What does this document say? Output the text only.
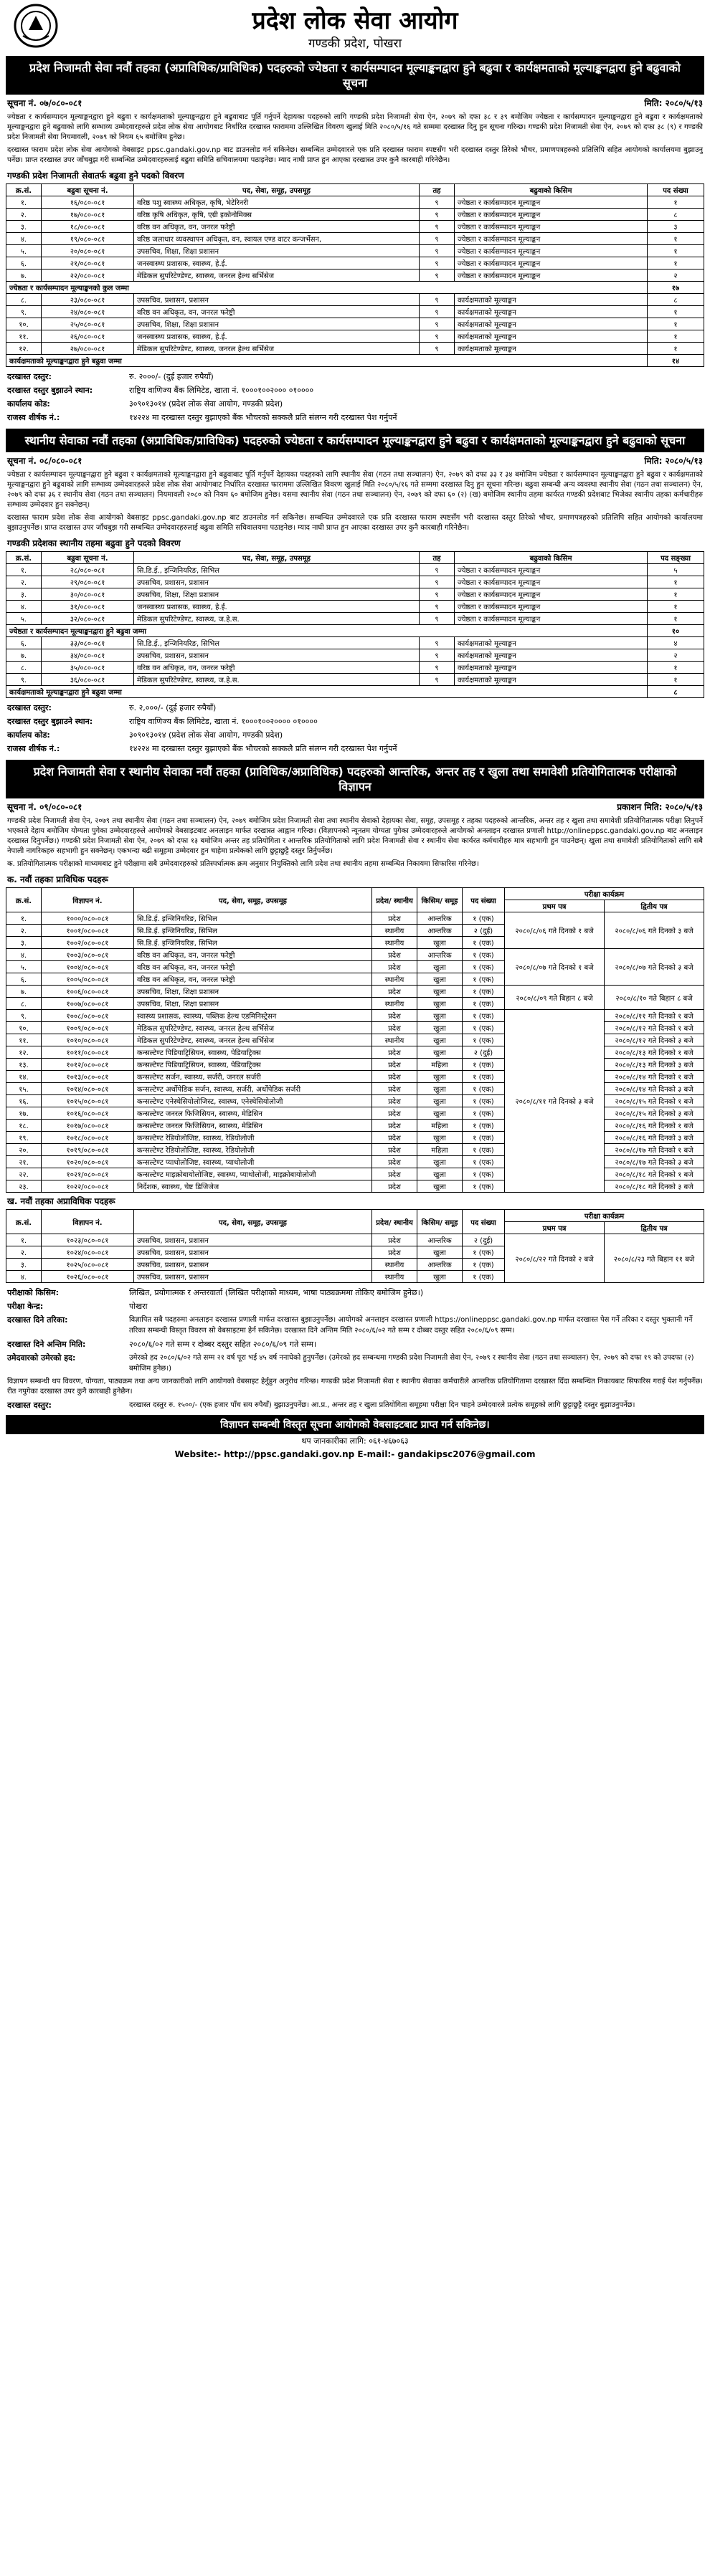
प्रदेश लोक सेवा आयोग
गण्डकी प्रदेश, पोखरा
प्रदेश निजामती सेवा नवौं तहका (अप्राविधिक/प्राविधिक) पदहरुको ज्येष्ठता र कार्यसम्पादन मूल्याङ्कनद्वारा हुने बढुवा र कार्यक्षमताको मूल्याङ्कनद्वारा हुने बढुवाको सूचना
सूचना नं. ०७/०८०-०८१	मिति: २०८०/५/१३
ज्येष्ठता र कार्यसम्पादन मूल्याङ्कनद्वारा हुने बढुवा र कार्यक्षमताको मूल्याङ्कनद्वारा हुने बढुवाबाट पूर्ति गर्नुपर्ने देहायका पदहरुको लागि गण्डकी प्रदेश निजामती सेवा ऐन, २०७९ को दफा ३८ र ३९ बमोजिम ज्येष्ठता र कार्यसम्पादन मूल्याङ्कनद्वारा हुने बढुवा र कार्यक्षमताको मूल्याङ्कनद्वारा हुने बढुवाको लागि सम्भाव्य उम्मेदवारहरुले प्रदेश लोक सेवा आयोगबाट निर्धारित दरखास्त फाराममा उल्लिखित विवरण खुलाई मिति २०८०/५/१६ गते सम्ममा दरखास्त दिनु हुन सूचना गरिन्छ। गण्डकी प्रदेश निजामती सेवा ऐन, २०७९ को दफा ३८ (९) र गण्डकी प्रदेश निजामती सेवा नियमावली, २०७९ को नियम ६५ बमोजिम हुनेछ।
दरखास्त फाराम प्रदेश लोक सेवा आयोगको वेबसाइट ppsc.gandaki.gov.np बाट डाउनलोड गर्न सकिनेछ। सम्बन्धित उम्मेदवारले एक प्रति दरखास्त फाराम स्पष्टसँग भरी दरखास्त दस्तुर तिरेको भौचर, प्रमाणपत्रहरुको प्रतिलिपि सहित आयोगको कार्यालयमा बुझाउनु पर्नेछ। प्राप्त दरखास्त उपर जाँचबुझ गरी सम्बन्धित उम्मेदवारहरुलाई बढुवा समिति सचिवालयमा पठाइनेछ। म्याद नाघी प्राप्त हुन आएका दरखास्त उपर कुनै कारबाही गरिनेछैन।
गण्डकी प्रदेश निजामती सेवातर्फ बढुवा हुने पदको विवरण
क्र.सं.	बढुवा सूचना नं.	पद, सेवा, समूह, उपसमूह	तह	बढुवाको किसिम	पद संख्या
१.	१६/०८०-०८१	वरिष्ठ पशु स्वास्थ्य अधिकृत, कृषि, भेटेरिनरी	९	ज्येष्ठता र कार्यसम्पादन मूल्याङ्कन	१
२.	१७/०८०-०८१	वरिष्ठ कृषि अधिकृत, कृषि, एग्री इकोनोमिक्स	९	ज्येष्ठता र कार्यसम्पादन मूल्याङ्कन	८
३.	१८/०८०-०८१	वरिष्ठ वन अधिकृत, वन, जनरल फरेष्ट्री	९	ज्येष्ठता र कार्यसम्पादन मूल्याङ्कन	३
४.	१९/०८०-०८१	वरिष्ठ जलाधार व्यवस्थापन अधिकृत, वन, स्वायल एण्ड वाटर कन्जर्भेसन,	९	ज्येष्ठता र कार्यसम्पादन मूल्याङ्कन	१
५.	२०/०८०-०८१	उपसचिव, शिक्षा, शिक्षा प्रशासन	९	ज्येष्ठता र कार्यसम्पादन मूल्याङ्कन	१
६.	२१/०८०-०८१	जनस्वास्थ्य प्रशासक, स्वास्थ्य, हे.ई.	९	ज्येष्ठता र कार्यसम्पादन मूल्याङ्कन	१
७.	२२/०८०-०८१	मेडिकल सुपरिटेण्डेण्ट, स्वास्थ्य, जनरल हेल्थ सर्भिसेज	९	ज्येष्ठता र कार्यसम्पादन मूल्याङ्कन	२
ज्येष्ठता र कार्यसम्पादन मूल्याङ्कनको कुल जम्मा					१७
८.	२३/०८०-०८१	उपसचिव, प्रशासन, प्रशासन	९	कार्यक्षमताको मूल्याङ्कन	८
९.	२४/०८०-०८१	वरिष्ठ वन अधिकृत, वन, जनरल फरेष्ट्री	९	कार्यक्षमताको मूल्याङ्कन	१
१०.	२५/०८०-०८१	उपसचिव, शिक्षा, शिक्षा प्रशासन	९	कार्यक्षमताको मूल्याङ्कन	१
११.	२६/०८०-०८१	जनस्वास्थ्य प्रशासक, स्वास्थ्य, हे.ई.	९	कार्यक्षमताको मूल्याङ्कन	१
१२.	२७/०८०-०८१	मेडिकल सुपरिटेण्डेण्ट, स्वास्थ्य, जनरल हेल्थ सर्भिसेज	९	कार्यक्षमताको मूल्याङ्कन	१
कार्यक्षमताको मूल्याङ्कनद्वारा हुने बढुवा जम्मा					१४
दरखास्त दस्तुर:	रु. २०००/- (दुई हजार रुपैयाँ)
दरखास्त दस्तुर बुझाउने स्थान:	राष्ट्रिय वाणिज्य बैंक लिमिटेड, खाता नं. १०००१००२००० ०१००००
कार्यालय कोड:	३०९०१३०१४ (प्रदेश लोक सेवा आयोग, गण्डकी प्रदेश)
राजस्व शीर्षक नं.:	१४२२४ मा दरखास्त दस्तुर बुझाएको बैंक भौचरको सक्कलै प्रति संलग्न गरी दरखास्त पेश गर्नुपर्ने
स्थानीय सेवाका नवौं तहका (अप्राविधिक/प्राविधिक) पदहरुको ज्येष्ठता र कार्यसम्पादन मूल्याङ्कनद्वारा हुने बढुवा र कार्यक्षमताको मूल्याङ्कनद्वारा हुने बढुवाको सूचना
सूचना नं. ०८/०८०-०८१	मिति: २०८०/५/१३
ज्येष्ठता र कार्यसम्पादन मूल्याङ्कनद्वारा हुने बढुवा र कार्यक्षमताको मूल्याङ्कनद्वारा हुने बढुवाबाट पूर्ति गर्नुपर्ने देहायका पदहरुको लागि स्थानीय सेवा (गठन तथा सञ्चालन) ऐन, २०७९ को दफा ३३ र ३४ बमोजिम ज्येष्ठता र कार्यसम्पादन मूल्याङ्कनद्वारा हुने बढुवा र कार्यक्षमताको मूल्याङ्कनद्वारा हुने बढुवाको लागि सम्भाव्य उम्मेदवारहरुले प्रदेश लोक सेवा आयोगबाट निर्धारित दरखास्त फाराममा उल्लिखित विवरण खुलाई मिति २०८०/५/१६ गते सम्ममा दरखास्त दिनु हुन सूचना गरिन्छ। बढुवा सम्बन्धी अन्य व्यवस्था स्थानीय सेवा (गठन तथा सञ्चालन) ऐन, २०७९ को दफा ३६ र स्थानीय सेवा (गठन तथा सञ्चालन) नियमावली २०८० को नियम ६० बमोजिम हुनेछ। यसमा स्थानीय सेवा (गठन तथा सञ्चालन) ऐन, २०७९ को दफा ६० (२) (ख) बमोजिम स्थानीय तहमा कार्यरत गण्डकी प्रदेशबाट भिजेका स्थानीय तहका कर्मचारीहरु सम्भाव्य उम्मेदवार हुन सक्नेछन्।
दरखास्त फाराम प्रदेश लोक सेवा आयोगको वेबसाइट ppsc.gandaki.gov.np बाट डाउनलोड गर्न सकिनेछ। सम्बन्धित उम्मेदवारले एक प्रति दरखास्त फाराम स्पष्टसँग भरी दरखास्त दस्तुर तिरेको भौचर, प्रमाणपत्रहरुको प्रतिलिपि सहित आयोगको कार्यालयमा बुझाउनुपर्नेछ। प्राप्त दरखास्त उपर जाँचबुझ गरी सम्बन्धित उम्मेदवारहरुलाई बढुवा समिति सचिवालयमा पठाइनेछ। म्याद नाघी प्राप्त हुन आएका दरखास्त उपर कुनै कारबाही गरिनेछैन।
गण्डकी प्रदेशका स्थानीय तहमा बढुवा हुने पदको विवरण
क्र.सं.	बढुवा सूचना नं.	पद, सेवा, समूह, उपसमूह	तह	बढुवाको किसिम	पद सङ्ख्या
१.	२८/०८०-०८१	सि.डि.ई., इन्जिनियरिङ, सिभिल	९	ज्येष्ठता र कार्यसम्पादन मूल्याङ्कन	५
२.	२९/०८०-०८१	उपसचिव, प्रशासन, प्रशासन	९	ज्येष्ठता र कार्यसम्पादन मूल्याङ्कन	१
३.	३०/०८०-०८१	उपसचिव, शिक्षा, शिक्षा प्रशासन	९	ज्येष्ठता र कार्यसम्पादन मूल्याङ्कन	१
४.	३१/०८०-०८१	जनस्वास्थ्य प्रशासक, स्वास्थ्य, हे.ई.	९	ज्येष्ठता र कार्यसम्पादन मूल्याङ्कन	१
५.	३२/०८०-०८१	मेडिकल सुपरिटेण्डेण्ट, स्वास्थ्य, ज.हे.स.	९	ज्येष्ठता र कार्यसम्पादन मूल्याङ्कन	१
ज्येष्ठता र कार्यसम्पादन मूल्याङ्कनद्वारा हुने बढुवा जम्मा					१०
६.	३३/०८०-०८१	सि.डि.ई., इन्जिनियरिङ, सिभिल	९	कार्यक्षमताको मूल्याङ्कन	४
७.	३४/०८०-०८१	उपसचिव, प्रशासन, प्रशासन	९	कार्यक्षमताको मूल्याङ्कन	२
८.	३५/०८०-०८१	वरिष्ठ वन अधिकृत, वन, जनरल फरेष्ट्री	९	कार्यक्षमताको मूल्याङ्कन	१
९.	३६/०८०-०८१	मेडिकल सुपरिटेण्डेण्ट, स्वास्थ्य, ज.हे.स.	९	कार्यक्षमताको मूल्याङ्कन	१
कार्यक्षमताको मूल्याङ्कनद्वारा हुने बढुवा जम्मा					८
दरखास्त दस्तुर:	रु. २,०००/- (दुई हजार रुपैयाँ)
दरखास्त दस्तुर बुझाउने स्थान:	राष्ट्रिय वाणिज्य बैंक लिमिटेड, खाता नं. १०००१००२०००० ०१००००
कार्यालय कोड:	३०९०१३०१४ (प्रदेश लोक सेवा आयोग, गण्डकी प्रदेश)
राजस्व शीर्षक नं.:	१४२२४ मा दरखास्त दस्तुर बुझाएको बैंक भौचरको सक्कलै प्रति संलग्न गरी दरखास्त पेश गर्नुपर्ने
प्रदेश निजामती सेवा र स्थानीय सेवाका नवौं तहका (प्राविधिक/अप्राविधिक) पदहरुको आन्तरिक, अन्तर तह र खुला तथा समावेशी प्रतियोगितात्मक परीक्षाको विज्ञापन
सूचना नं. ०९/०८०-०८१	प्रकाशन मिति: २०८०/५/१३
गण्डकी प्रदेश निजामती सेवा ऐन, २०७९ तथा स्थानीय सेवा (गठन तथा सञ्चालन) ऐन, २०७९ बमोजिम प्रदेश निजामती सेवा तथा स्थानीय सेवाको देहायका सेवा, समूह, उपसमूह र तहका पदहरुको आन्तरिक, अन्तर तह र खुला तथा समावेशी प्रतियोगितात्मक परीक्षा लिनुपर्ने भएकाले देहाय बमोजिम योग्यता पुगेका उम्मेदवारहरुले आयोगको वेबसाइटबाट अनलाइन मार्फत दरखास्त आह्वान गरिन्छ। (विज्ञापनको न्यूनतम योग्यता पुगेका उम्मेदवारहरुले आयोगको अनलाइन दरखास्त प्रणाली http://onlineppsc.gandaki.gov.np बाट अनलाइन दरखास्त दिनुपर्नेछ।) गण्डकी प्रदेश निजामती सेवा ऐन, २०७९ को दफा १३ बमोजिम अन्तर तह प्रतियोगिता र आन्तरिक प्रतियोगिताको लागि प्रदेश निजामती सेवा र स्थानीय सेवा कार्यरत कर्मचारीहरु मात्र सहभागी हुन पाउनेछन्। खुला तथा समावेशी प्रतियोगिताको लागि सबै नेपाली नागरिकहरु सहभागी हुन सक्नेछन्। एकभन्दा बढी समूहमा उम्मेदवार हुन चाहेमा प्रत्येकको लागि छुट्टाछुट्टै दस्तुर तिर्नुपर्नेछ।
क. प्रतियोगितात्मक परीक्षाको माध्यमबाट हुने परीक्षामा सबै उम्मेदवारहरुको प्रतिस्पर्धात्मक क्रम अनुसार नियुक्तिको लागि प्रदेश तथा स्थानीय तहमा सम्बन्धित निकायमा सिफारिस गरिनेछ।
क. नवौं तहका प्राविधिक पदहरू
क्र.सं.	विज्ञापन नं.	पद, सेवा, समूह, उपसमूह	प्रदेश/ स्थानीय	किसिम/ समूह	पद संख्या	परीक्षा कार्यक्रम	
						प्रथम पत्र	द्वितीय पत्र
१.	१०००/०८०-०८१	सि.डि.ई. इन्जिनियरिङ, सिभिल	प्रदेश	आन्तरिक	१ (एक)	२०८०/८/०६ गते दिनको १ बजे	२०८०/८/०६ गते दिनको ३ बजे
२.	१००१/०८०-०८१	सि.डि.ई. इन्जिनियरिङ, सिभिल	स्थानीय	आन्तरिक	२ (दुई)		
३.	१००२/०८०-०८१	सि.डि.ई. इन्जिनियरिङ, सिभिल	स्थानीय	खुला	१ (एक)		
४.	१००३/०८०-०८१	वरिष्ठ वन अधिकृत, वन, जनरल फरेष्ट्री	प्रदेश	आन्तरिक	१ (एक)	२०८०/८/०७ गते दिनको १ बजे	२०८०/८/०७ गते दिनको ३ बजे
५.	१००४/०८०-०८१	वरिष्ठ वन अधिकृत, वन, जनरल फरेष्ट्री	प्रदेश	खुला	१ (एक)		
६.	१००५/०८०-०८१	वरिष्ठ वन अधिकृत, वन, जनरल फरेष्ट्री	स्थानीय	खुला	१ (एक)		
७.	१००६/०८०-०८१	उपसचिव, शिक्षा, शिक्षा प्रशासन	प्रदेश	खुला	१ (एक)	२०८०/८/०९ गते बिहान ८ बजे	२०८०/८/१० गते बिहान ८ बजे
८.	१००७/०८०-०८१	उपसचिव, शिक्षा, शिक्षा प्रशासन	स्थानीय	खुला	१ (एक)		
९.	१००८/०८०-०८१	स्वास्थ्य प्रशासक, स्वास्थ्य, पब्लिक हेल्थ एडमिनिस्ट्रेसन	प्रदेश	खुला	१ (एक)	२०८०/८/११ गते दिनको ३ बजे	२०८०/८/११ गते दिनको १ बजे
१०.	१००९/०८०-०८१	मेडिकल सुपरिटेण्डेण्ट, स्वास्थ्य, जनरल हेल्थ सर्भिसेज	प्रदेश	खुला	१ (एक)		२०८०/८/१२ गते दिनको १ बजे
११.	१०१०/०८०-०८१	मेडिकल सुपरिटेण्डेण्ट, स्वास्थ्य, जनरल हेल्थ सर्भिसेज	स्थानीय	खुला	१ (एक)		२०८०/८/१२ गते दिनको ३ बजे
१२.	१०११/०८०-०८१	कन्सल्टेण्ट पिडियाट्रिसियन, स्वास्थ्य, पेडियाट्रिक्स	प्रदेश	खुला	२ (दुई)		२०८०/८/१३ गते दिनको १ बजे
१३.	१०१२/०८०-०८१	कन्सल्टेण्ट पिडियाट्रिसियन, स्वास्थ्य, पेडियाट्रिक्स	प्रदेश	महिला	१ (एक)		२०८०/८/१३ गते दिनको ३ बजे
१४.	१०१३/०८०-०८१	कन्सल्टेण्ट सर्जन, स्वास्थ्य, सर्जरी, जनरल सर्जरी	प्रदेश	खुला	१ (एक)		२०८०/८/१४ गते दिनको १ बजे
१५.	१०१४/०८०-०८१	कन्सल्टेण्ट अर्थोपेडिक सर्जन, स्वास्थ्य, सर्जरी, अर्थोपेडिक सर्जरी	प्रदेश	खुला	१ (एक)		२०८०/८/१४ गते दिनको ३ बजे
१६.	१०१५/०८०-०८१	कन्सल्टेण्ट एनेस्थेसियोलोजिस्ट, स्वास्थ्य, एनेस्थेसियोलोजी	प्रदेश	खुला	१ (एक)		२०८०/८/१५ गते दिनको १ बजे
१७.	१०१६/०८०-०८१	कन्सल्टेण्ट जनरल फिजिसियन, स्वास्थ्य, मेडिसिन	प्रदेश	खुला	१ (एक)		२०८०/८/१५ गते दिनको ३ बजे
१८.	१०१७/०८०-०८१	कन्सल्टेण्ट जनरल फिजिसियन, स्वास्थ्य, मेडिसिन	प्रदेश	महिला	१ (एक)		२०८०/८/१६ गते दिनको १ बजे
१९.	१०१८/०८०-०८१	कन्सल्टेण्ट रेडियोलोजिष्ट, स्वास्थ्य, रेडियोलोजी	प्रदेश	खुला	१ (एक)		२०८०/८/१६ गते दिनको ३ बजे
२०.	१०१९/०८०-०८१	कन्सल्टेण्ट रेडियोलोजिष्ट, स्वास्थ्य, रेडियोलोजी	प्रदेश	महिला	१ (एक)		२०८०/८/१७ गते दिनको १ बजे
२१.	१०२०/०८०-०८१	कन्सल्टेण्ट प्याथोलोजिष्ट, स्वास्थ्य, प्याथोलोजी	प्रदेश	खुला	१ (एक)		२०८०/८/१७ गते दिनको ३ बजे
२२.	१०२१/०८०-०८१	कन्सल्टेण्ट माइक्रोबायोलोजिष्ट, स्वास्थ्य, प्याथोलोजी, माइक्रोबायोलोजी	प्रदेश	खुला	१ (एक)		२०८०/८/१८ गते दिनको १ बजे
२३.	१०२२/०८०-०८१	निर्देशक, स्वास्थ्य, चेष्ट डिजिजेज	प्रदेश	खुला	१ (एक)		२०८०/८/१८ गते दिनको ३ बजे
ख. नवौं तहका अप्राविधिक पदहरू
क्र.सं.	विज्ञापन नं.	पद, सेवा, समूह, उपसमूह	प्रदेश/ स्थानीय	किसिम/ समूह	पद संख्या	परीक्षा कार्यक्रम	
						प्रथम पत्र	द्वितीय पत्र
१.	१०२३/०८०-०८१	उपसचिव, प्रशासन, प्रशासन	प्रदेश	आन्तरिक	२ (दुई)	२०८०/८/२२ गते दिनको २ बजे	२०८०/८/२३ गते बिहान ११ बजे
२.	१०२४/०८०-०८१	उपसचिव, प्रशासन, प्रशासन	प्रदेश	खुला	१ (एक)		
३.	१०२५/०८०-०८१	उपसचिव, प्रशासन, प्रशासन	स्थानीय	आन्तरिक	१ (एक)		
४.	१०२६/०८०-०८१	उपसचिव, प्रशासन, प्रशासन	स्थानीय	खुला	१ (एक)		
परीक्षाको किसिम:	लिखित, प्रयोगात्मक र अन्तरवार्ता (लिखित परीक्षाको माध्यम, भाषा पाठ्यक्रममा तोकिए बमोजिम हुनेछ।)
परीक्षा केन्द्र:	पोखरा
दरखास्त दिने तरिका:	विज्ञापित सबै पदहरुमा अनलाइन दरखास्त प्रणाली मार्फत दरखास्त बुझाउनुपर्नेछ। आयोगको अनलाइन दरखास्त प्रणाली https://onlineppsc.gandaki.gov.np मार्फत दरखास्त पेस गर्ने तरिका र दस्तुर भुक्तानी गर्ने तरिका सम्बन्धी विस्तृत विवरण सो वेबसाइटमा हेर्न सकिनेछ। दरखास्त दिने अन्तिम मिति २०८०/६/०२ गते सम्म र दोब्बर दस्तुर सहित २०८०/६/०९ सम्म।
दरखास्त दिने अन्तिम मिति:	२०८०/६/०२ गते सम्म र दोब्बर दस्तुर सहित २०८०/६/०९ गते सम्म।
उमेदवारको उमेरको हद:	उमेरको हद २०८०/६/०२ गते सम्म २१ वर्ष पूरा भई ४५ वर्ष ननाघेको हुनुपर्नेछ। (उमेरको हद सम्बन्धमा गण्डकी प्रदेश निजामती सेवा ऐन, २०७९ र स्थानीय सेवा (गठन तथा सञ्चालन) ऐन, २०७९ को दफा १९ को उपदफा (२) बमोजिम हुनेछ।)
विज्ञापन सम्बन्धी थप विवरण, योग्यता, पाठ्यक्रम तथा अन्य जानकारीको लागि आयोगको वेबसाइट हेर्नुहुन अनुरोध गरिन्छ। गण्डकी प्रदेश निजामती सेवा र स्थानीय सेवाका कर्मचारीले आन्तरिक प्रतियोगितामा दरखास्त दिँदा सम्बन्धित निकायबाट सिफारिस गराई पेश गर्नुपर्नेछ। रीत नपुगेका दरखास्त उपर कुनै कारबाही हुनेछैन।
दरखास्त दस्तुर:	दरखास्त दस्तुर रु. १५००/- (एक हजार पाँच सय रुपैयाँ) बुझाउनुपर्नेछ। आ.प्र., अन्तर तह र खुला प्रतियोगिता समूहमा परीक्षा दिन चाहने उम्मेदवारले प्रत्येक समूहको लागि छुट्टाछुट्टै दस्तुर बुझाउनुपर्नेछ।
विज्ञापन सम्बन्धी विस्तृत सूचना आयोगको वेबसाइटबाट प्राप्त गर्न सकिनेछ।
थप जानकारीका लागि: ०६१-४६७०६३
Website:- http://ppsc.gandaki.gov.np E-mail:- gandakipsc2076@gmail.com
